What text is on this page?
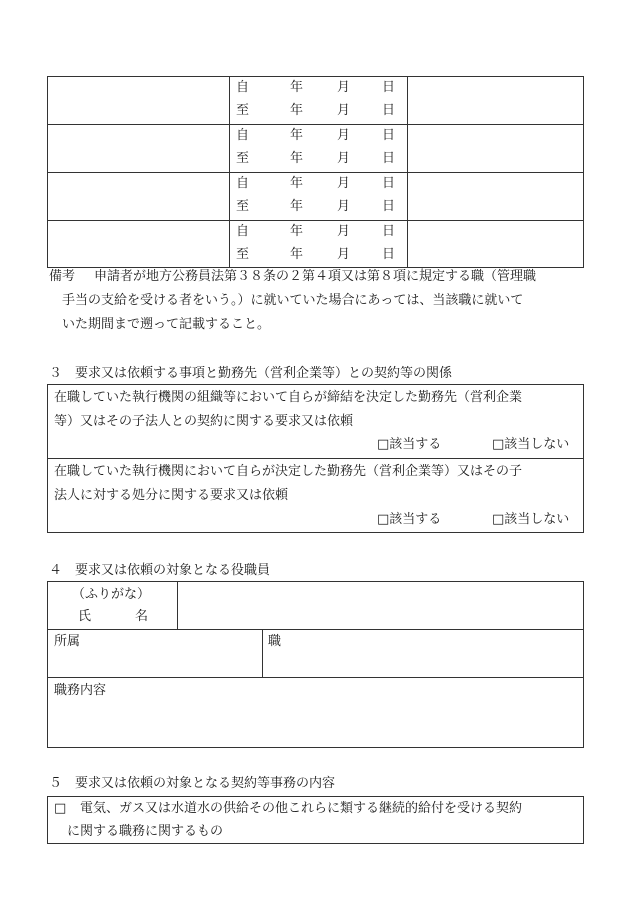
自	年	月 日
至	年	月 日
自	年	月 日
至	年	月 日
自	年	月 日
至	年	月 日
自	年	月 日
至	年	月 日
備考 申請者が地方公務員法第３８条の２第４項又は第８項に規定する職（管理職
手当の支給を受ける者をいう。）に就いていた場合にあっては、当該職に就いて
いた期間まで遡って記載すること。
３　要求又は依頼する事項と勤務先（営利企業等）との契約等の関係
在職していた執行機関の組織等において自らが締結を決定した勤務先（営利企業
等）又はその子法人との契約に関する要求又は依頼
□該当する	□該当しない
在職していた執行機関において自らが決定した勤務先（営利企業等）又はその子
法人に対する処分に関する要求又は依頼
□該当する	□該当しない
４　要求又は依頼の対象となる役職員
（ふりがな）
氏	名
所属	職
職務内容
５　要求又は依頼の対象となる契約等事務の内容
□ 電気、ガス又は水道水の供給その他これらに類する継続的給付を受ける契約
に関する職務に関するもの
